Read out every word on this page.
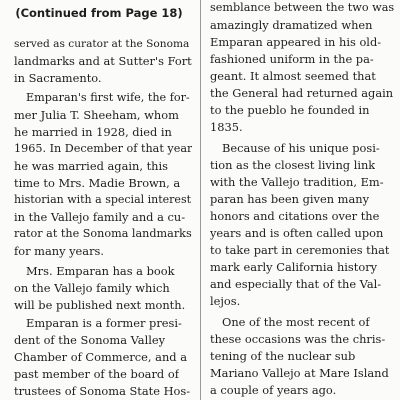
(Continued from Page 18)
served as curator at the Sonoma
landmarks and at Sutter's Fort
in Sacramento.
Emparan's first wife, the for-
mer Julia T. Sheeham, whom
he married in 1928, died in
1965. In December of that year
he was married again, this
time to Mrs. Madie Brown, a
historian with a special interest
in the Vallejo family and a cu-
rator at the Sonoma landmarks
for many years.
Mrs. Emparan has a book
on the Vallejo family which
will be published next month.
Emparan is a former presi-
dent of the Sonoma Valley
Chamber of Commerce, and a
past member of the board of
trustees of Sonoma State Hos-
semblance between the two was
amazingly dramatized when
Emparan appeared in his old-
fashioned uniform in the pa-
geant. It almost seemed that
the General had returned again
to the pueblo he founded in
1835.
Because of his unique posi-
tion as the closest living link
with the Vallejo tradition, Em-
paran has been given many
honors and citations over the
years and is often called upon
to take part in ceremonies that
mark early California history
and especially that of the Val-
lejos.
One of the most recent of
these occasions was the chris-
tening of the nuclear sub
Mariano Vallejo at Mare Island
a couple of years ago.
